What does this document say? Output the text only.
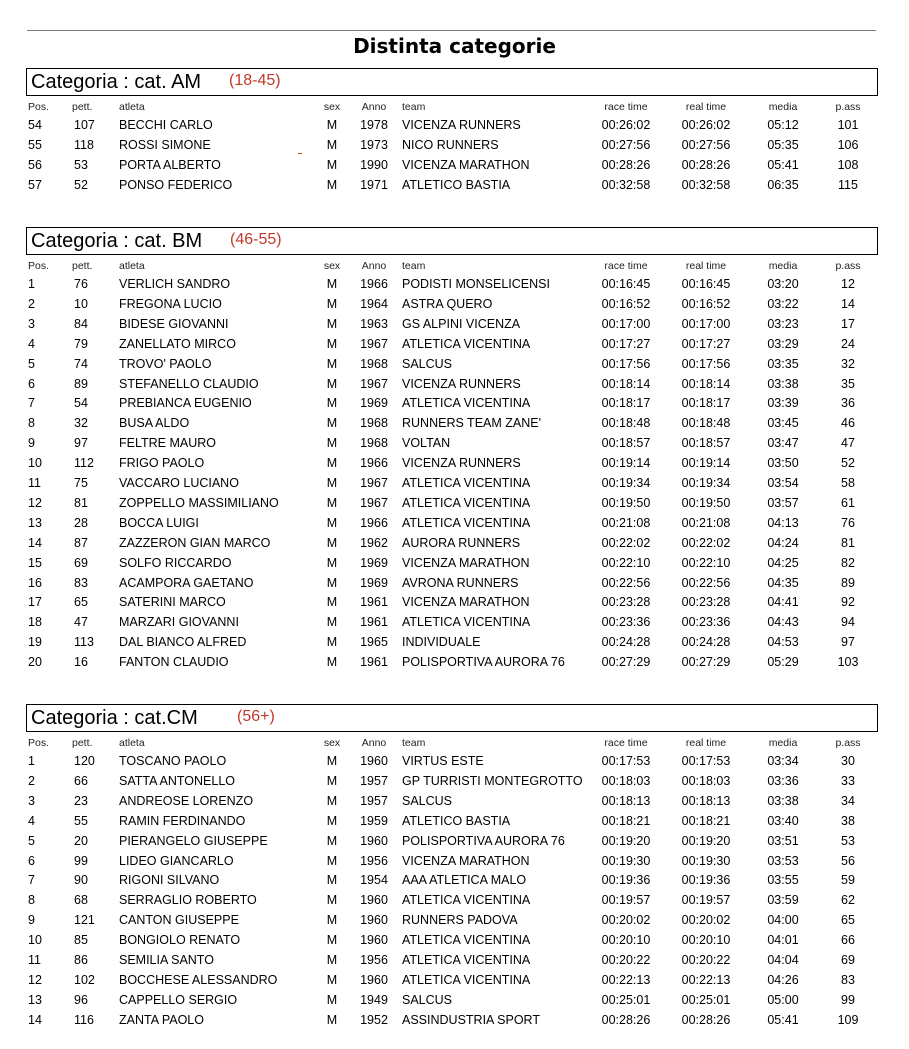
Distinta categorie
Categoria : cat. AM (18-45)
Pos. pett.	atleta	sex	Anno	team	race time	real time	media	p.ass
54	107 BECCHI CARLO	M	1978	VICENZA RUNNERS	00:26:02	00:26:02	05:12	101
55	118 ROSSI SIMONE	M	1973	NICO RUNNERS	00:27:56	00:27:56	05:35	106
56	53 PORTA ALBERTO	M	1990	VICENZA MARATHON	00:28:26	00:28:26	05:41	108
57	52 PONSO FEDERICO	M	1971	ATLETICO BASTIA	00:32:58	00:32:58	06:35	115
Categoria : cat. BM (46-55)
Pos. pett.	atleta	sex	Anno	team	race time	real time	media	p.ass
1	76 VERLICH SANDRO	M	1966	PODISTI MONSELICENSI	00:16:45	00:16:45	03:20	12
2	10 FREGONA LUCIO	M	1964	ASTRA QUERO	00:16:52	00:16:52	03:22	14
3	84 BIDESE GIOVANNI	M	1963	GS ALPINI VICENZA	00:17:00	00:17:00	03:23	17
4	79 ZANELLATO MIRCO	M	1967	ATLETICA VICENTINA	00:17:27	00:17:27	03:29	24
5	74 TROVO' PAOLO	M	1968	SALCUS	00:17:56	00:17:56	03:35	32
6	89 STEFANELLO CLAUDIO	M	1967	VICENZA RUNNERS	00:18:14	00:18:14	03:38	35
7	54 PREBIANCA EUGENIO	M	1969	ATLETICA VICENTINA	00:18:17	00:18:17	03:39	36
8	32 BUSA ALDO	M	1968	RUNNERS TEAM ZANE'	00:18:48	00:18:48	03:45	46
9	97 FELTRE MAURO	M	1968	VOLTAN	00:18:57	00:18:57	03:47	47
10	112 FRIGO PAOLO	M	1966	VICENZA RUNNERS	00:19:14	00:19:14	03:50	52
11	75 VACCARO LUCIANO	M	1967	ATLETICA VICENTINA	00:19:34	00:19:34	03:54	58
12	81 ZOPPELLO MASSIMILIANO	M	1967	ATLETICA VICENTINA	00:19:50	00:19:50	03:57	61
13	28 BOCCA LUIGI	M	1966	ATLETICA VICENTINA	00:21:08	00:21:08	04:13	76
14	87 ZAZZERON GIAN MARCO	M	1962	AURORA RUNNERS	00:22:02	00:22:02	04:24	81
15	69 SOLFO RICCARDO	M	1969	VICENZA MARATHON	00:22:10	00:22:10	04:25	82
16	83 ACAMPORA GAETANO	M	1969	AVRONA RUNNERS	00:22:56	00:22:56	04:35	89
17	65 SATERINI MARCO	M	1961	VICENZA MARATHON	00:23:28	00:23:28	04:41	92
18	47 MARZARI GIOVANNI	M	1961	ATLETICA VICENTINA	00:23:36	00:23:36	04:43	94
19	113 DAL BIANCO ALFRED	M	1965	INDIVIDUALE	00:24:28	00:24:28	04:53	97
20	16 FANTON CLAUDIO	M	1961	POLISPORTIVA AURORA 76	00:27:29	00:27:29	05:29	103
Categoria : cat.CM (56+)
Pos. pett.	atleta	sex	Anno	team	race time	real time	media	p.ass
1	120 TOSCANO PAOLO	M	1960	VIRTUS ESTE	00:17:53	00:17:53	03:34	30
2	66 SATTA ANTONELLO	M	1957	GP TURRISTI MONTEGROTTO	00:18:03	00:18:03	03:36	33
3	23 ANDREOSE LORENZO	M	1957	SALCUS	00:18:13	00:18:13	03:38	34
4	55 RAMIN FERDINANDO	M	1959	ATLETICO BASTIA	00:18:21	00:18:21	03:40	38
5	20 PIERANGELO GIUSEPPE	M	1960	POLISPORTIVA AURORA 76	00:19:20	00:19:20	03:51	53
6	99 LIDEO GIANCARLO	M	1956	VICENZA MARATHON	00:19:30	00:19:30	03:53	56
7	90 RIGONI SILVANO	M	1954	AAA ATLETICA MALO	00:19:36	00:19:36	03:55	59
8	68 SERRAGLIO ROBERTO	M	1960	ATLETICA VICENTINA	00:19:57	00:19:57	03:59	62
9	121 CANTON GIUSEPPE	M	1960	RUNNERS PADOVA	00:20:02	00:20:02	04:00	65
10	85 BONGIOLO RENATO	M	1960	ATLETICA VICENTINA	00:20:10	00:20:10	04:01	66
11	86 SEMILIA SANTO	M	1956	ATLETICA VICENTINA	00:20:22	00:20:22	04:04	69
12	102 BOCCHESE ALESSANDRO	M	1960	ATLETICA VICENTINA	00:22:13	00:22:13	04:26	83
13	96 CAPPELLO SERGIO	M	1949	SALCUS	00:25:01	00:25:01	05:00	99
14	116 ZANTA PAOLO	M	1952	ASSINDUSTRIA SPORT	00:28:26	00:28:26	05:41	109
